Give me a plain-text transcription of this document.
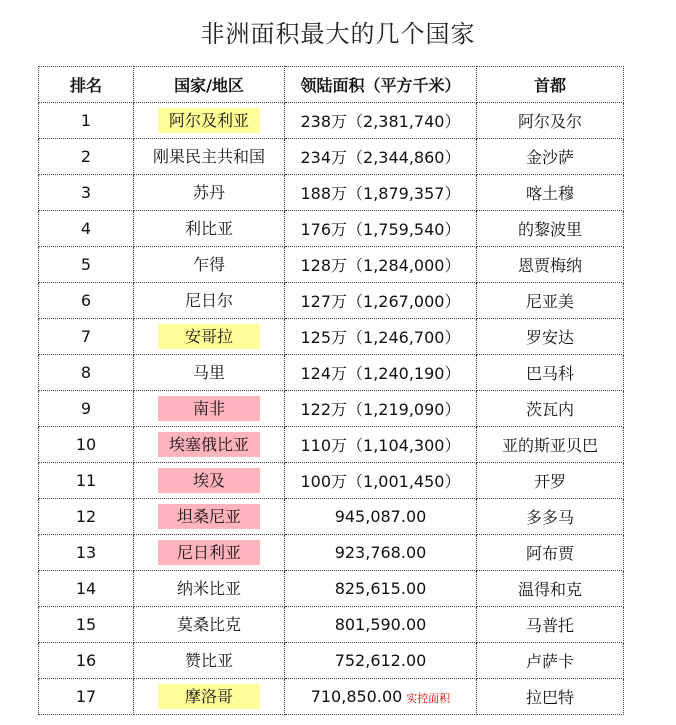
非洲面积最大的几个国家
排名	国家/地区	领陆面积（平方千米）	首都
1	阿尔及利亚	238万（2,381,740）	阿尔及尔
2	刚果民主共和国	234万（2,344,860）	金沙萨
3	苏丹	188万（1,879,357）	喀土穆
4	利比亚	176万（1,759,540）	的黎波里
5	乍得	128万（1,284,000）	恩贾梅纳
6	尼日尔	127万（1,267,000）	尼亚美
7	安哥拉	125万（1,246,700）	罗安达
8	马里	124万（1,240,190）	巴马科
9	南非	122万（1,219,090）	茨瓦内
10	埃塞俄比亚	110万（1,104,300）	亚的斯亚贝巴
11	埃及	100万（1,001,450）	开罗
12	坦桑尼亚	945,087.00	多多马
13	尼日利亚	923,768.00	阿布贾
14	纳米比亚	825,615.00	温得和克
15	莫桑比克	801,590.00	马普托
16	赞比亚	752,612.00	卢萨卡
17	摩洛哥	710,850.00 实控面积	拉巴特
